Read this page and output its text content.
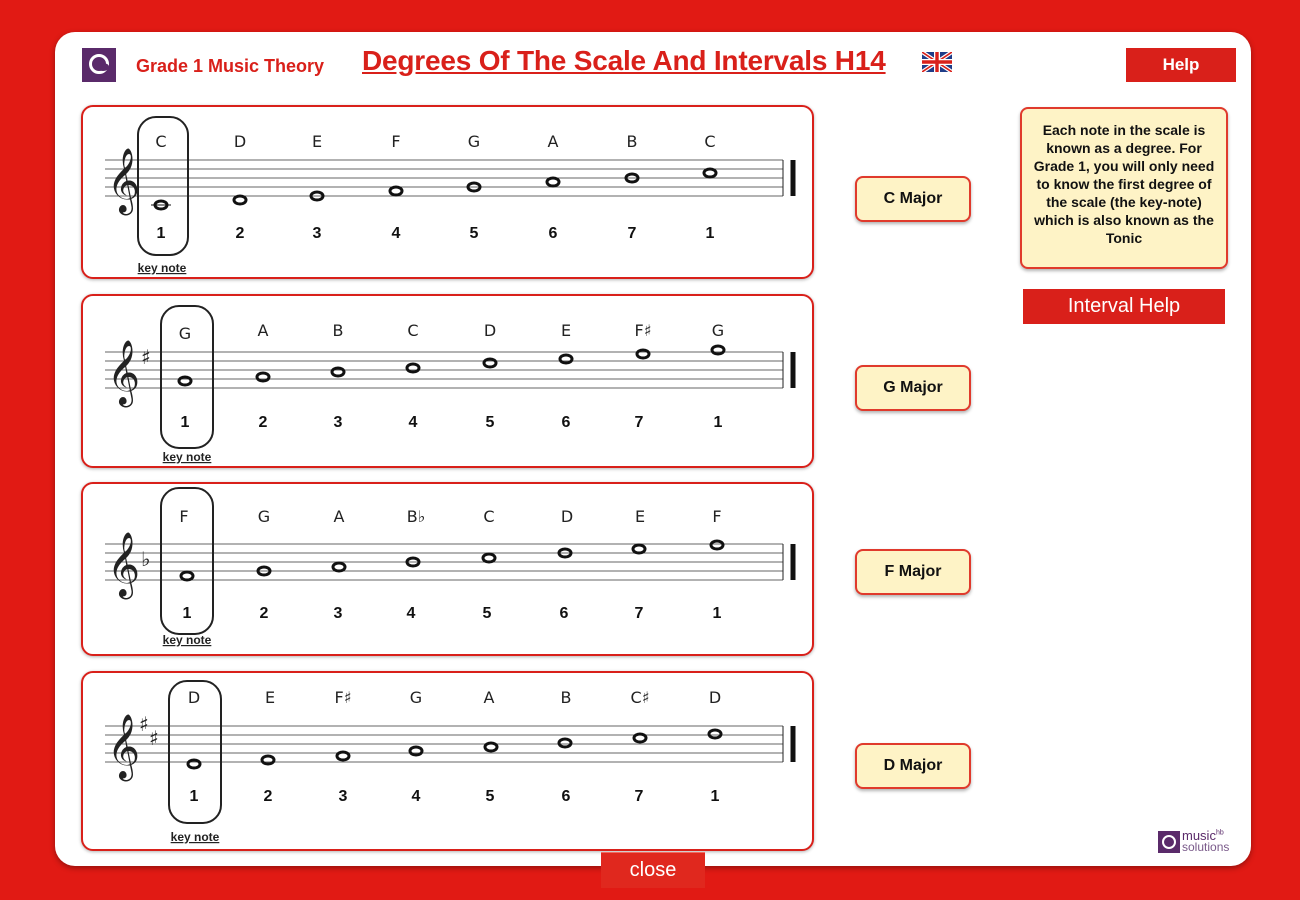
Grade 1 Music Theory Degrees Of The Scale And Intervals H14	Help
𝄞
C	D	E	F	G	A	B	C
1	2	3	4	5	6	7	1
key note
𝄞 ♯
G	A	B	C	D	E	F♯	G
1	2	3	4	5	6	7	1
key note
𝄞 ♭
F	G	A	B♭	C	D	E	F
1	2	3	4	5	6	7	1
key note
𝄞
♯
♯
D	E	F♯	G	A	B	C♯	D
1	2	3	4	5	6	7	1
key note
C Major
G Major
F Major
D Major
Each note in the scale is known as a degree. For Grade 1, you will only need to know the first degree of the scale (the key-note) which is also known as the Tonic
Interval Help
close
music$^{hb}$
solutions
